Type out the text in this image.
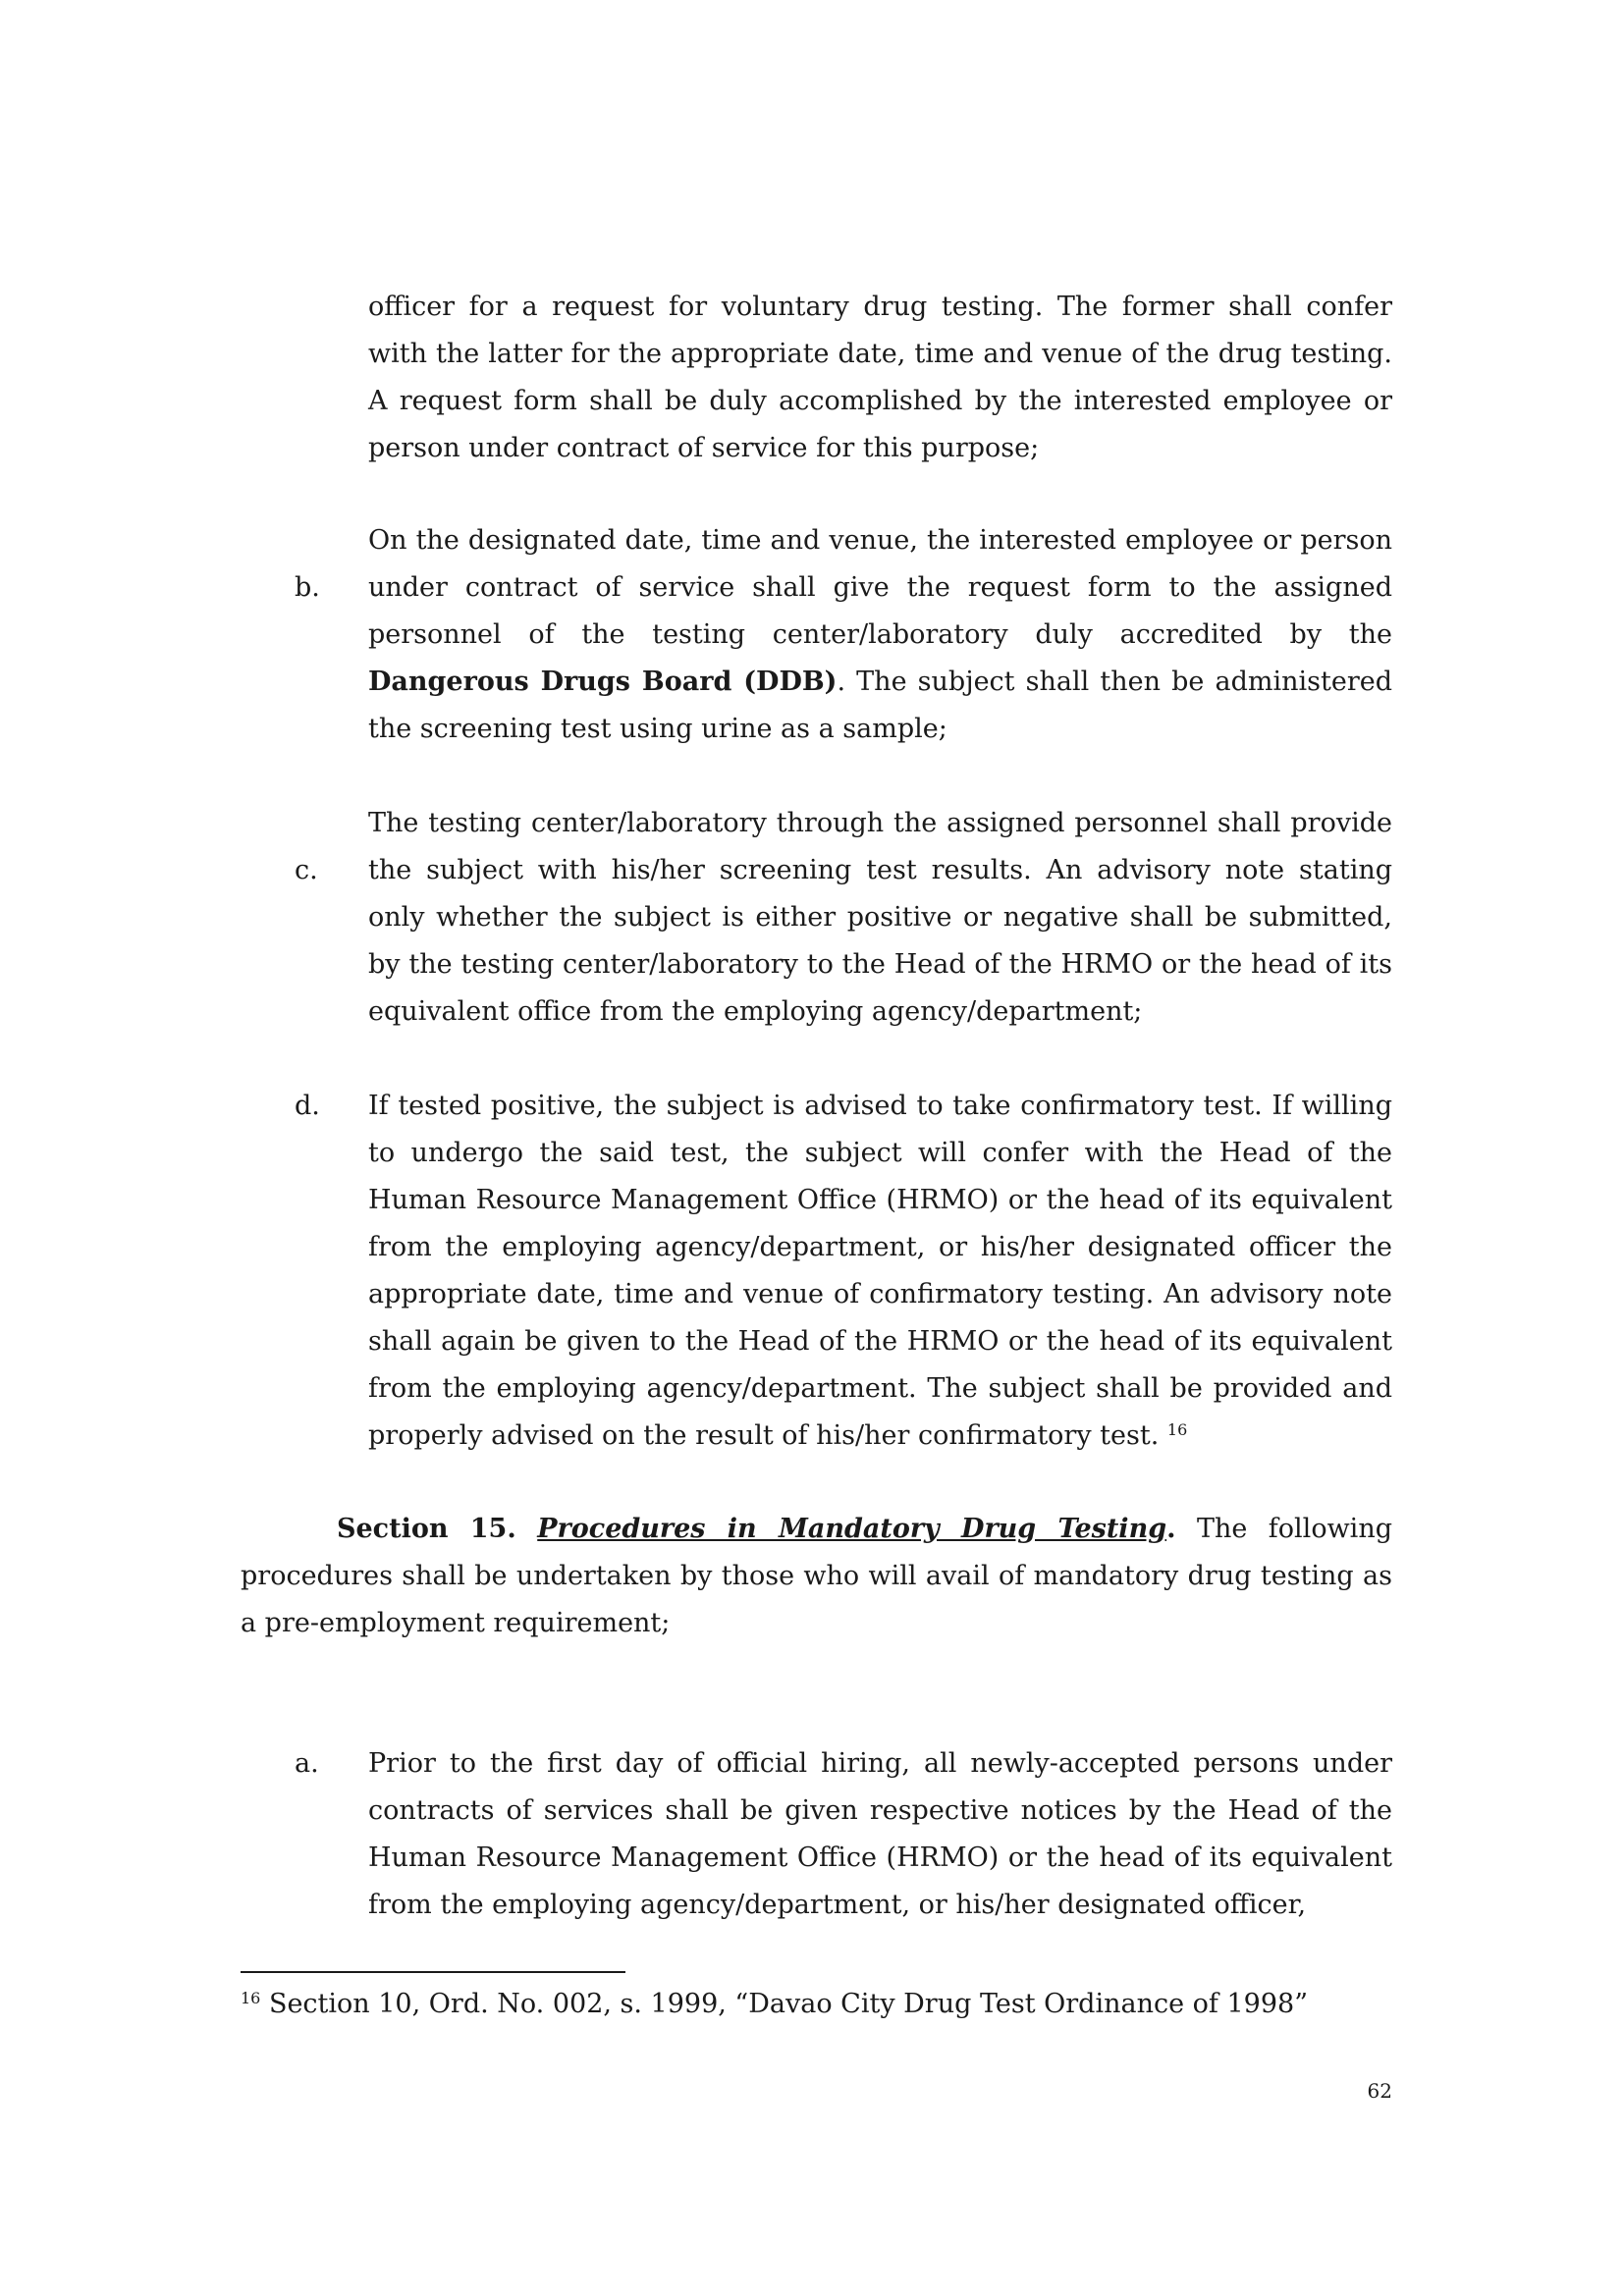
officer for a request for voluntary drug testing. The former shall confer with the latter for the appropriate date, time and venue of the drug testing. A request form shall be duly accomplished by the interested employee or person under contract of service for this purpose;
b.
On the designated date, time and venue, the interested employee or person under contract of service shall give the request form to the assigned personnel of the testing center/laboratory duly accredited by the Dangerous Drugs Board (DDB). The subject shall then be administered the screening test using urine as a sample;
c.
The testing center/laboratory through the assigned personnel shall provide the subject with his/her screening test results. An advisory note stating only whether the subject is either positive or negative shall be submitted, by the testing center/laboratory to the Head of the HRMO or the head of its equivalent office from the employing agency/department;
d. If tested positive, the subject is advised to take confirmatory test. If willing to undergo the said test, the subject will confer with the Head of the Human Resource Management Office (HRMO) or the head of its equivalent from the employing agency/department, or his/her designated officer the appropriate date, time and venue of confirmatory testing. An advisory note shall again be given to the Head of the HRMO or the head of its equivalent from the employing agency/department. The subject shall be provided and properly advised on the result of his/her confirmatory test. $^{16}$
Section 15. Procedures in Mandatory Drug Testing. The following procedures shall be undertaken by those who will avail of mandatory drug testing as a pre-employment requirement;
a. Prior to the first day of official hiring, all newly-accepted persons under contracts of services shall be given respective notices by the Head of the Human Resource Management Office (HRMO) or the head of its equivalent from the employing agency/department, or his/her designated officer,
$^{16}$ Section 10, Ord. No. 002, s. 1999, “Davao City Drug Test Ordinance of 1998”
62
